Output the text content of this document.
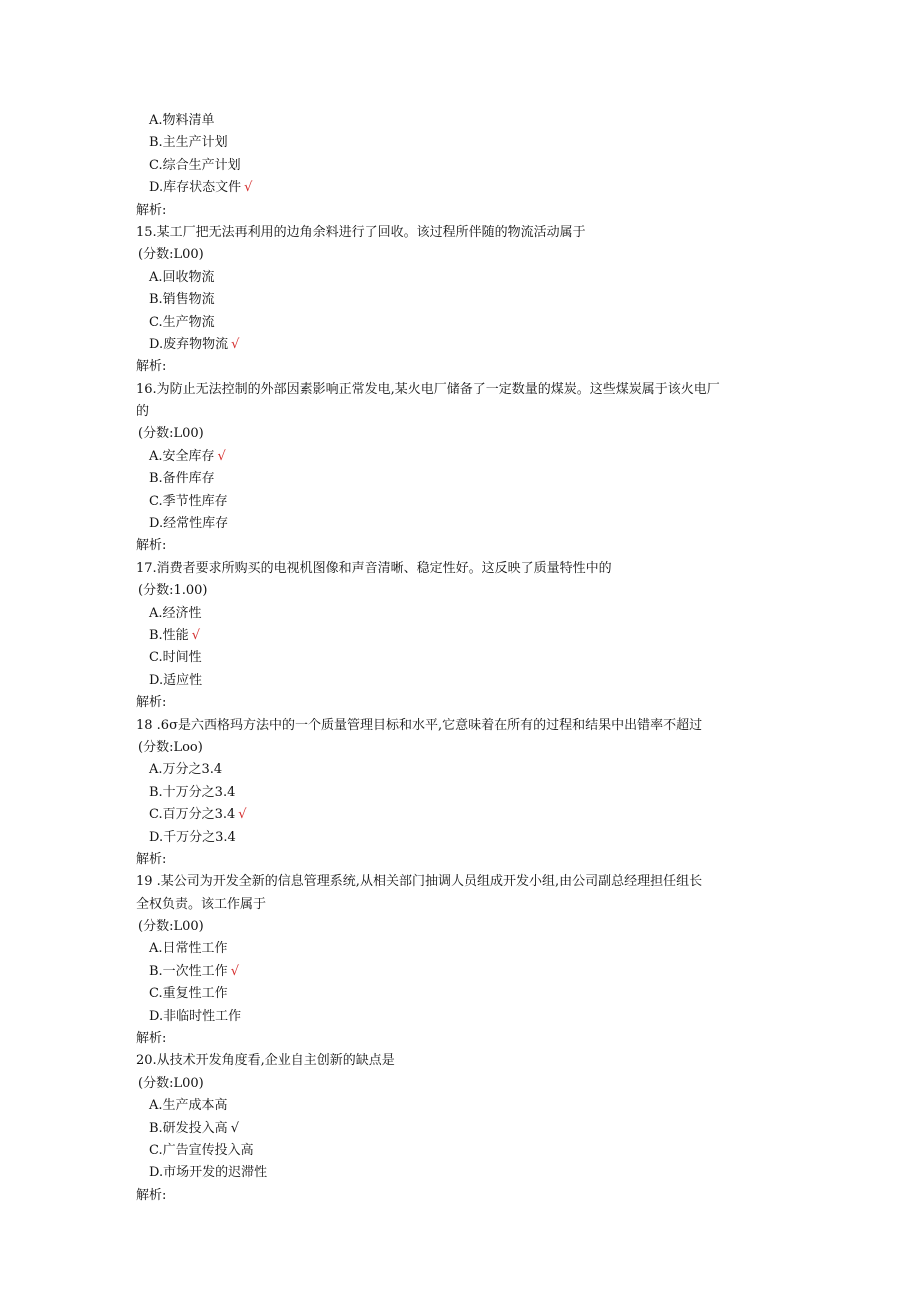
A.物料清单
B.主生产计划
C.综合生产计划
D.库存状态文件 √
解析:
15.某工厂把无法再利用的边角余料进行了回收。该过程所伴随的物流活动属于
(分数:L00)
A.回收物流
B.销售物流
C.生产物流
D.废弃物物流 √
解析:
16.为防止无法控制的外部因素影响正常发电,某火电厂储备了一定数量的煤炭。这些煤炭属于该火电厂
的
(分数:L00)
A.安全库存 √
B.备件库存
C.季节性库存
D.经常性库存
解析:
17.消费者要求所购买的电视机图像和声音清晰、稳定性好。这反映了质量特性中的
(分数:1.00)
A.经济性
B.性能 √
C.时间性
D.适应性
解析:
18 .6σ是六西格玛方法中的一个质量管理目标和水平,它意味着在所有的过程和结果中出错率不超过
(分数:Loo)
A.万分之3.4
B.十万分之3.4
C.百万分之3.4 √
D.千万分之3.4
解析:
19 .某公司为开发全新的信息管理系统,从相关部门抽调人员组成开发小组,由公司副总经理担任组长
全权负责。该工作属于
(分数:L00)
A.日常性工作
B.一次性工作 √
C.重复性工作
D.非临时性工作
解析:
20.从技术开发角度看,企业自主创新的缺点是
(分数:L00)
A.生产成本高
B.研发投入高 √
C.广告宣传投入高
D.市场开发的迟滞性
解析:
